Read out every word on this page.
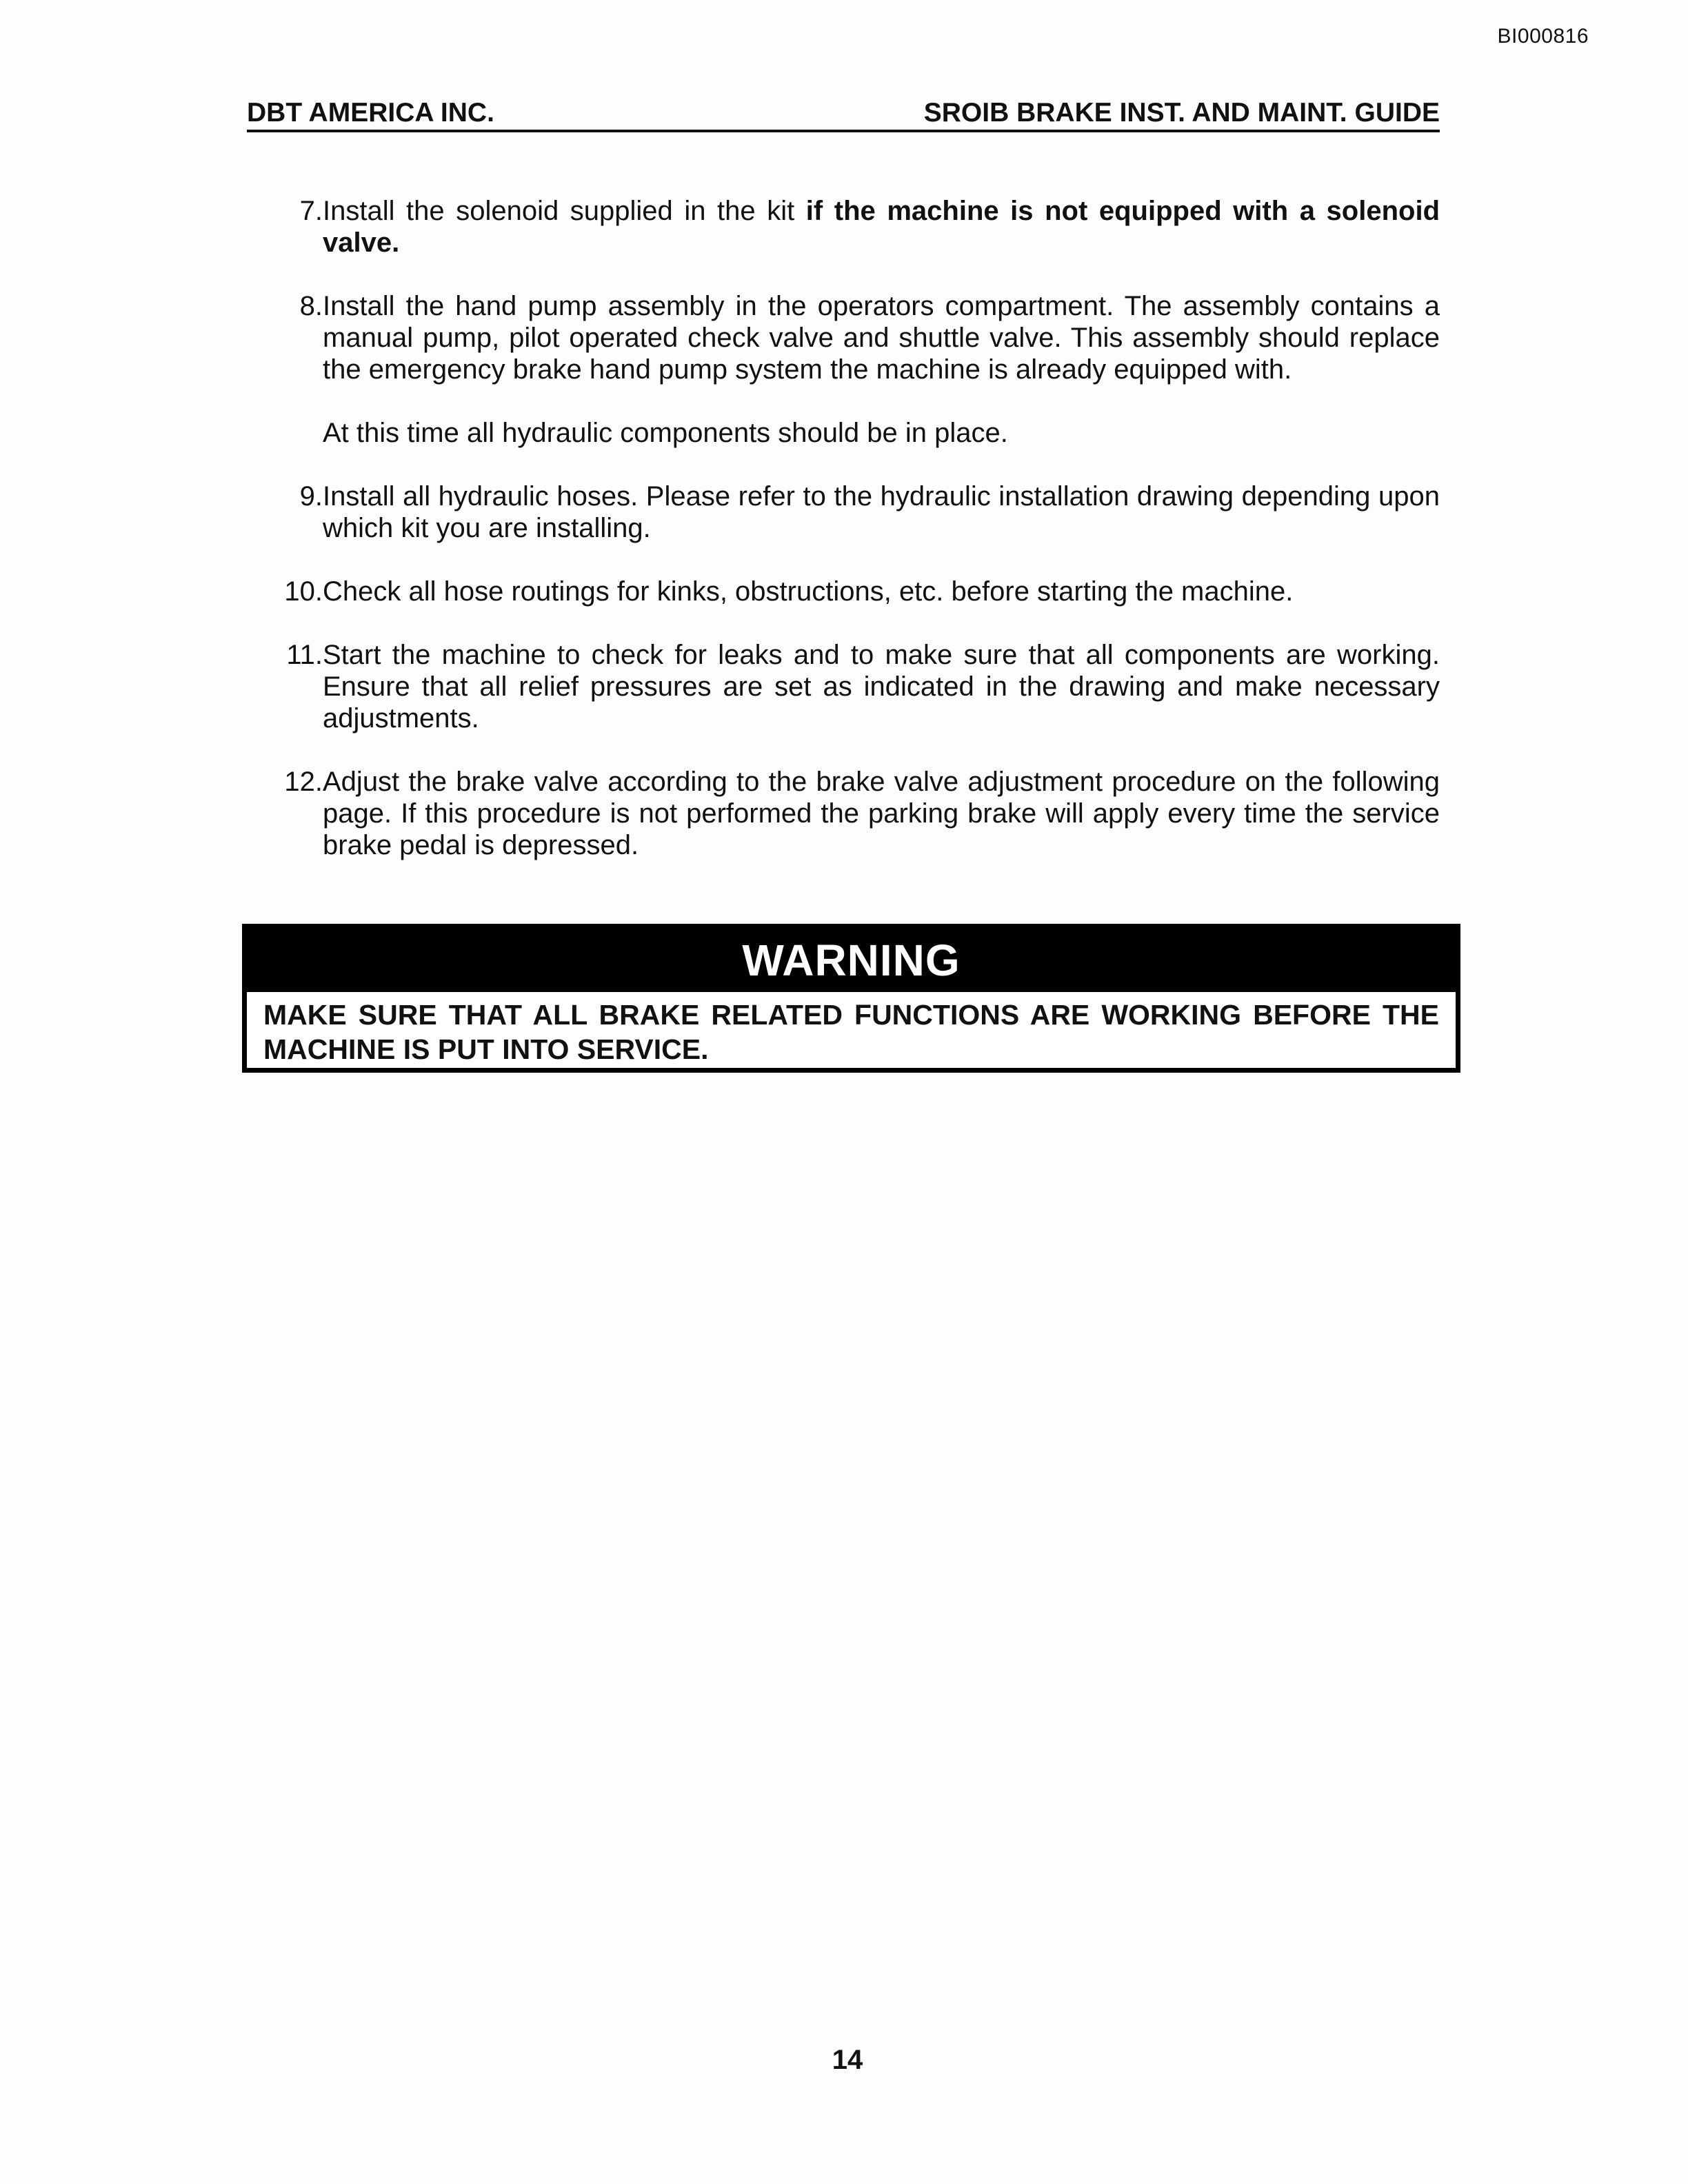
BI000816
DBT AMERICA INC.	SROIB BRAKE INST. AND MAINT. GUIDE
7. Install the solenoid supplied in the kit if the machine is not equipped with a solenoid valve.
8. Install the hand pump assembly in the operators compartment. The assembly contains a manual pump, pilot operated check valve and shuttle valve. This assembly should replace the emergency brake hand pump system the machine is already equipped with.
At this time all hydraulic components should be in place.
9. Install all hydraulic hoses. Please refer to the hydraulic installation drawing depending upon which kit you are installing.
10. Check all hose routings for kinks, obstructions, etc. before starting the machine.
11. Start the machine to check for leaks and to make sure that all components are working. Ensure that all relief pressures are set as indicated in the drawing and make necessary adjustments.
12. Adjust the brake valve according to the brake valve adjustment procedure on the following page. If this procedure is not performed the parking brake will apply every time the service brake pedal is depressed.
WARNING
MAKE SURE THAT ALL BRAKE RELATED FUNCTIONS ARE WORKING BEFORE THE MACHINE IS PUT INTO SERVICE.
14
